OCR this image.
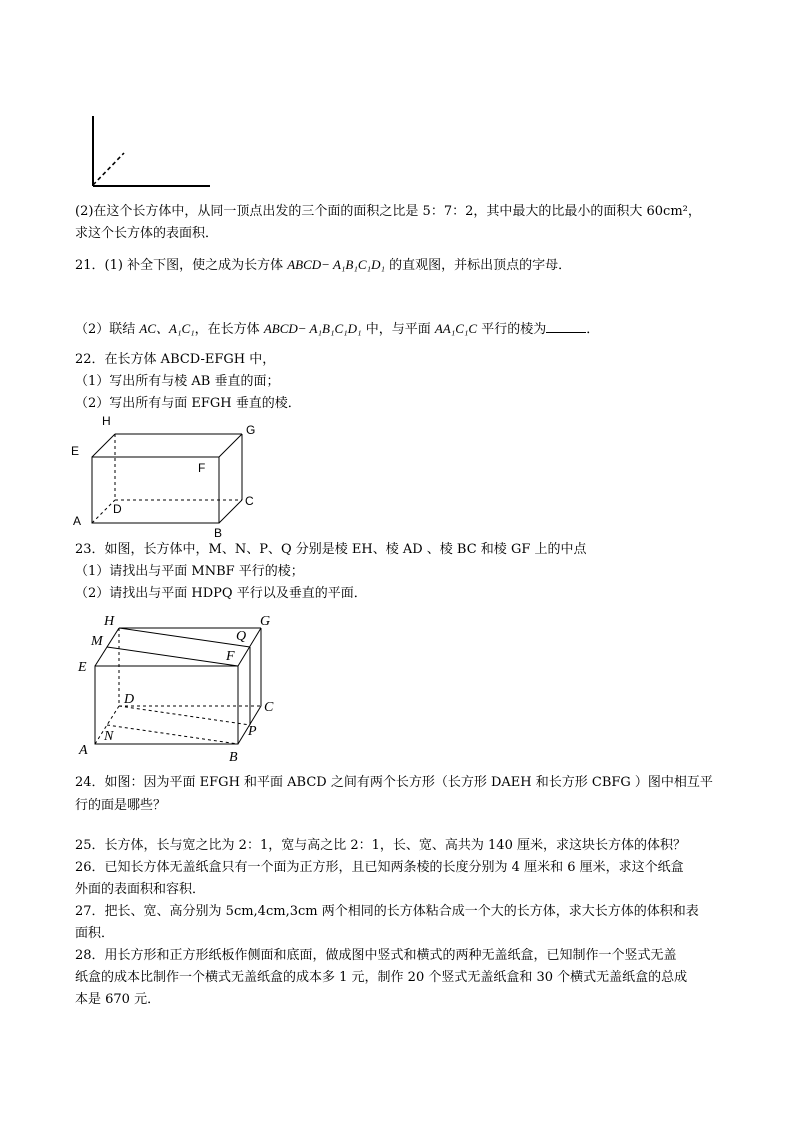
(2)在这个长方体中，从同一顶点出发的三个面的面积之比是 5：7：2，其中最大的比最小的面积大 60cm²，
求这个长方体的表面积．
21．(1) 补全下图，使之成为长方体 ABCD− A₁B₁C₁D₁ 的直观图，并标出顶点的字母．
（2）联结 AC、A₁C₁，在长方体 ABCD− A₁B₁C₁D₁ 中，与平面 AA₁C₁C 平行的棱为	．
22．在长方体 ABCD-EFGH 中，
（1）写出所有与棱 AB 垂直的面；
（2）写出所有与面 EFGH 垂直的棱．
H
G
E
F
D
C
A
B
23．如图，长方体中，M、N、P、Q 分别是棱 EH、棱 AD 、棱 BC 和棱 GF 上的中点
（1）请找出与平面 MNBF 平行的棱；
（2）请找出与平面 HDPQ 平行以及垂直的平面．
H	G
M	Q
F
E
D
C
P
N
A	B
24．如图：因为平面 EFGH 和平面 ABCD 之间有两个长方形（长方形 DAEH 和长方形 CBFG ）图中相互平
行的面是哪些？
25．长方体，长与宽之比为 2：1，宽与高之比 2：1，长、宽、高共为 140 厘米，求这块长方体的体积？
26．已知长方体无盖纸盒只有一个面为正方形，且已知两条棱的长度分别为 4 厘米和 6 厘米，求这个纸盒
外面的表面积和容积．
27．把长、宽、高分别为 5cm,4cm,3cm 两个相同的长方体粘合成一个大的长方体，求大长方体的体积和表
面积．
28．用长方形和正方形纸板作侧面和底面，做成图中竖式和横式的两种无盖纸盒，已知制作一个竖式无盖
纸盒的成本比制作一个横式无盖纸盒的成本多 1 元，制作 20 个竖式无盖纸盒和 30 个横式无盖纸盒的总成
本是 670 元．
